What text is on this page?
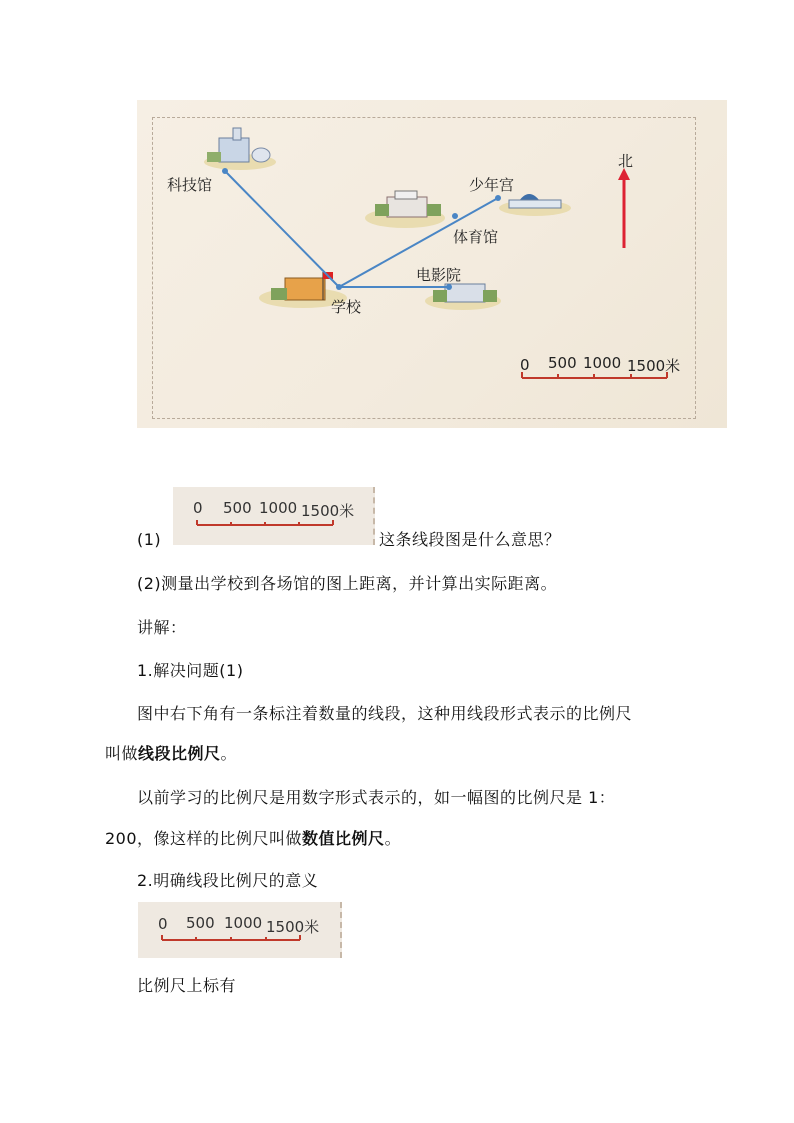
科技馆	少年宫
体育馆
电影院
学校
北
0 500 1000 1500米
(1)
0 500 1000 1500米
这条线段图是什么意思？
(2)测量出学校到各场馆的图上距离，并计算出实际距离。
讲解：
1.解决问题(1)
图中右下角有一条标注着数量的线段，这种用线段形式表示的比例尺
叫做线段比例尺。
以前学习的比例尺是用数字形式表示的，如一幅图的比例尺是 1：
200，像这样的比例尺叫做数值比例尺。
2.明确线段比例尺的意义
0 500 1000 1500米
比例尺上标有
